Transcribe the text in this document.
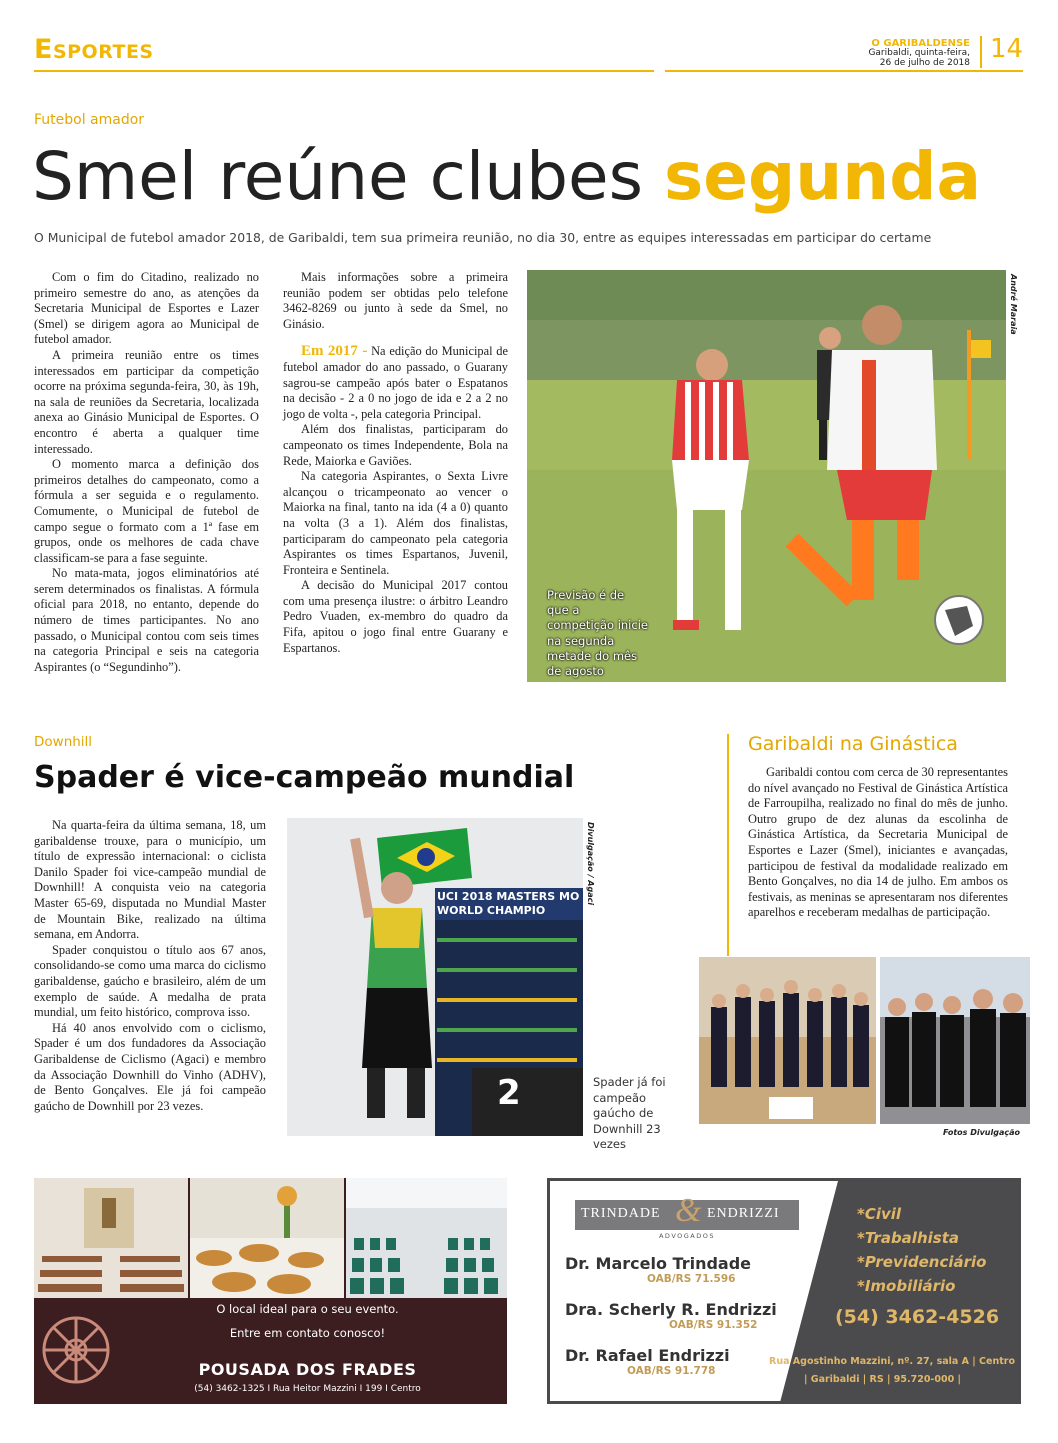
Esportes	O GARIBALDENSE
Garibaldi, quinta-feira,
26 de julho de 2018 14
Futebol amador
Smel reúne clubes segunda
O Municipal de futebol amador 2018, de Garibaldi, tem sua primeira reunião, no dia 30, entre as equipes interessadas em participar do certame

Com o fim do Citadino, realizado no primeiro semestre do ano, as atenções da Secretaria Municipal de Esportes e Lazer (Smel) se dirigem agora ao Municipal de futebol amador.

A primeira reunião entre os times interessados em participar da competição ocorre na próxima segunda-feira, 30, às 19h, na sala de reuniões da Secretaria, localizada anexa ao Ginásio Municipal de Esportes. O encontro é aberta a qualquer time interessado.

O momento marca a definição dos primeiros detalhes do campeonato, como a fórmula a ser seguida e o regulamento. Comumente, o Municipal de futebol de campo segue o formato com a 1ª fase em grupos, onde os melhores de cada chave classificam-se para a fase seguinte.

No mata-mata, jogos eliminatórios até serem determinados os finalistas. A fórmula oficial para 2018, no entanto, depende do número de times participantes. No ano passado, o Municipal contou com seis times na categoria Principal e seis na categoria Aspirantes (o “Segundinho”).

Mais informações sobre a primeira reunião podem ser obtidas pelo telefone 3462-8269 ou junto à sede da Smel, no Ginásio.

Em 2017 - Na edição do Municipal de futebol amador do ano passado, o Guarany sagrou-se campeão após bater o Espatanos na decisão - 2 a 0 no jogo de ida e 2 a 2 no jogo de volta -, pela categoria Principal.

Além dos finalistas, participaram do campeonato os times Independente, Bola na Rede, Maiorka e Gaviões.

Na categoria Aspirantes, o Sexta Livre alcançou o tricampeonato ao vencer o Maiorka na final, tanto na ida (4 a 0) quanto na volta (3 a 1). Além dos finalistas, participaram do campeonato pela categoria Aspirantes os times Espartanos, Juvenil, Fronteira e Sentinela.

A decisão do Municipal 2017 contou com uma presença ilustre: o árbitro Leandro Pedro Vuaden, ex-membro do quadro da Fifa, apitou o jogo final entre Guarany e Espartanos.

Previsão é de que a competição inicie na segunda metade do mês de agosto
André Maraia
Downhill
Spader é vice-campeão mundial

Na quarta-feira da última semana, 18, um garibaldense trouxe, para o município, um título de expressão internacional: o ciclista Danilo Spader foi vice-campeão mundial de Downhill! A conquista veio na categoria Master 65-69, disputada no Mundial Master de Mountain Bike, realizado na última semana, em Andorra.

Spader conquistou o título aos 67 anos, consolidando-se como uma marca do ciclismo garibaldense, gaúcho e brasileiro, além de um exemplo de saúde. A medalha de prata mundial, um feito histórico, comprova isso.

Há 40 anos envolvido com o ciclismo, Spader é um dos fundadores da Associação Garibaldense de Ciclismo (Agaci) e membro da Associação Downhill do Vinho (ADHV), de Bento Gonçalves. Ele já foi campeão gaúcho de Downhill por 23 vezes.

UCI 2018 MASTERS MO WORLD CHAMPIO
2
Divulgação / Agaci
Spader já foi campeão gaúcho de Downhill 23 vezes
Garibaldi na Ginástica

Garibaldi contou com cerca de 30 representantes do nível avançado no Festival de Ginástica Artística de Farroupilha, realizado no final do mês de junho. Outro grupo de dez alunas da escolinha de Ginástica Artística, da Secretaria Municipal de Esportes e Lazer (Smel), iniciantes e avançadas, participou de festival da modalidade realizado em Bento Gonçalves, no dia 14 de julho. Em ambos os festivais, as meninas se apresentaram nos diferentes aparelhos e receberam medalhas de participação.

Fotos Divulgação
O local ideal para o seu evento.
Entre em contato conosco!
POUSADA DOS FRADES
(54) 3462-1325 I Rua Heitor Mazzini I 199 I Centro
TRINDADE & ENDRIZZI
ADVOGADOS
Dr. Marcelo Trindade
OAB/RS 71.596
Dra. Scherly R. Endrizzi
OAB/RS 91.352
Dr. Rafael Endrizzi
OAB/RS 91.778
*Civil
*Trabalhista
*Previdenciário
*Imobiliário
(54) 3462-4526
Rua Agostinho Mazzini, nº. 27, sala A | Centro
| Garibaldi | RS | 95.720-000 |
